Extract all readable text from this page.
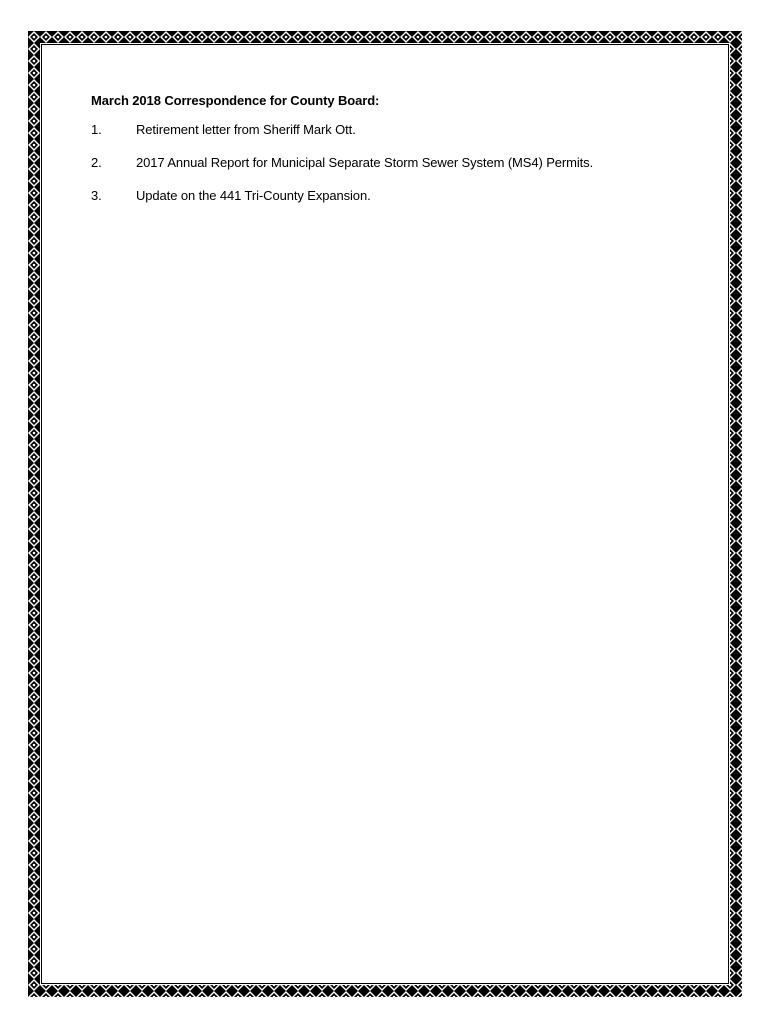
March 2018 Correspondence for County Board:
1.	Retirement letter from Sheriff Mark Ott.
2.	2017 Annual Report for Municipal Separate Storm Sewer System (MS4) Permits.
3.	Update on the 441 Tri-County Expansion.
